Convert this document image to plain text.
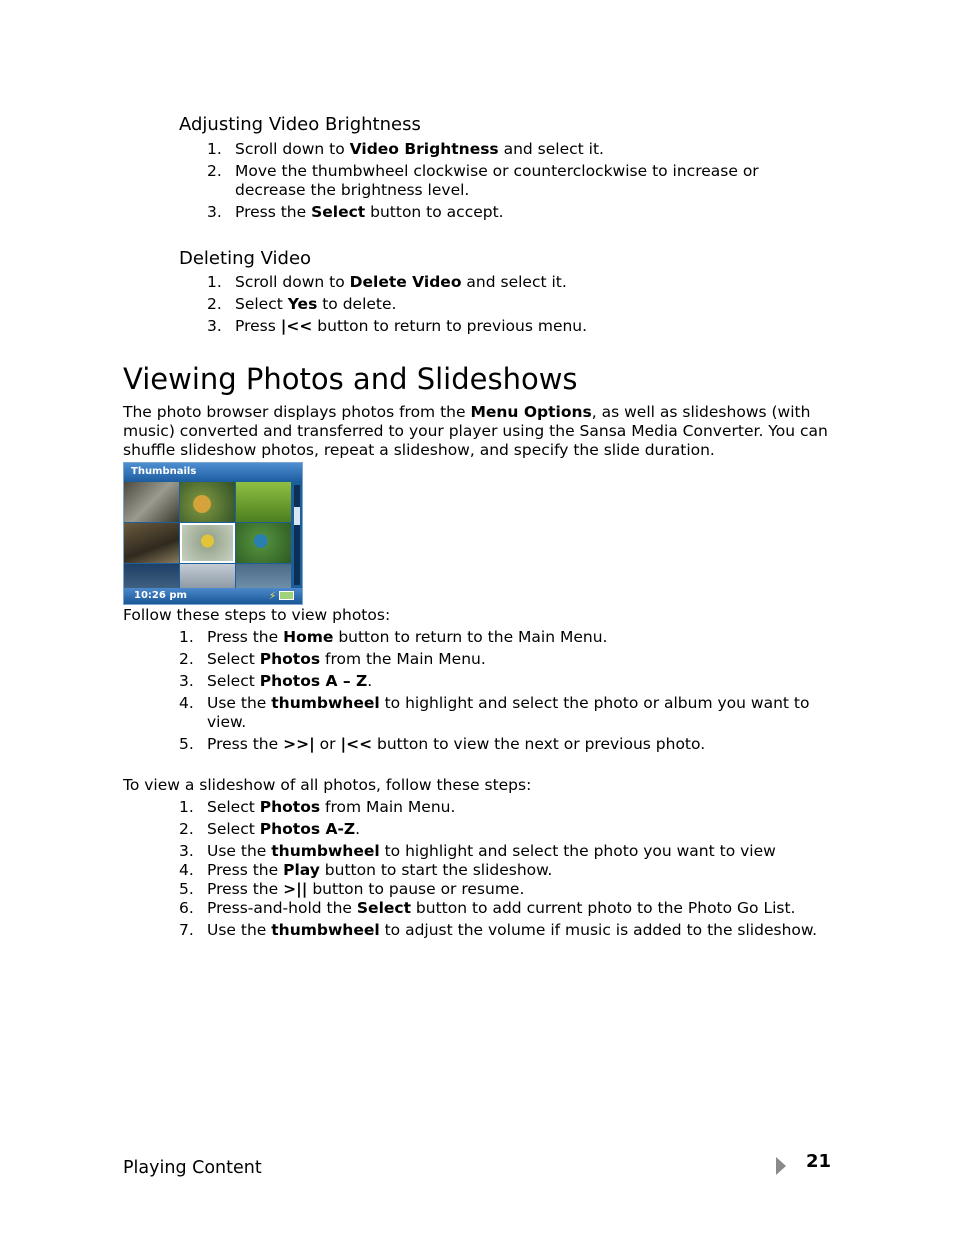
Adjusting Video Brightness
1. Scroll down to Video Brightness and select it.
2. Move the thumbwheel clockwise or counterclockwise to increase or
decrease the brightness level.
3. Press the Select button to accept.
Deleting Video
1. Scroll down to Delete Video and select it.
2. Select Yes to delete.
3. Press |<< button to return to previous menu.
Viewing Photos and Slideshows
The photo browser displays photos from the Menu Options, as well as slideshows (with music) converted and transferred to your player using the Sansa Media Converter. You can shuffle slideshow photos, repeat a slideshow, and specify the slide duration.
Thumbnails
10:26 pm	⚡
Follow these steps to view photos:
1. Press the Home button to return to the Main Menu.
2. Select Photos from the Main Menu.
3. Select Photos A – Z.
4. Use the thumbwheel to highlight and select the photo or album you want to
view.
5. Press the >>| or |<< button to view the next or previous photo.
To view a slideshow of all photos, follow these steps:
1. Select Photos from Main Menu.
2. Select Photos A-Z.
3. Use the thumbwheel to highlight and select the photo you want to view
4. Press the Play button to start the slideshow.
5. Press the >|| button to pause or resume.
6. Press-and-hold the Select button to add current photo to the Photo Go List.
7. Use the thumbwheel to adjust the volume if music is added to the slideshow.
Playing Content	21
